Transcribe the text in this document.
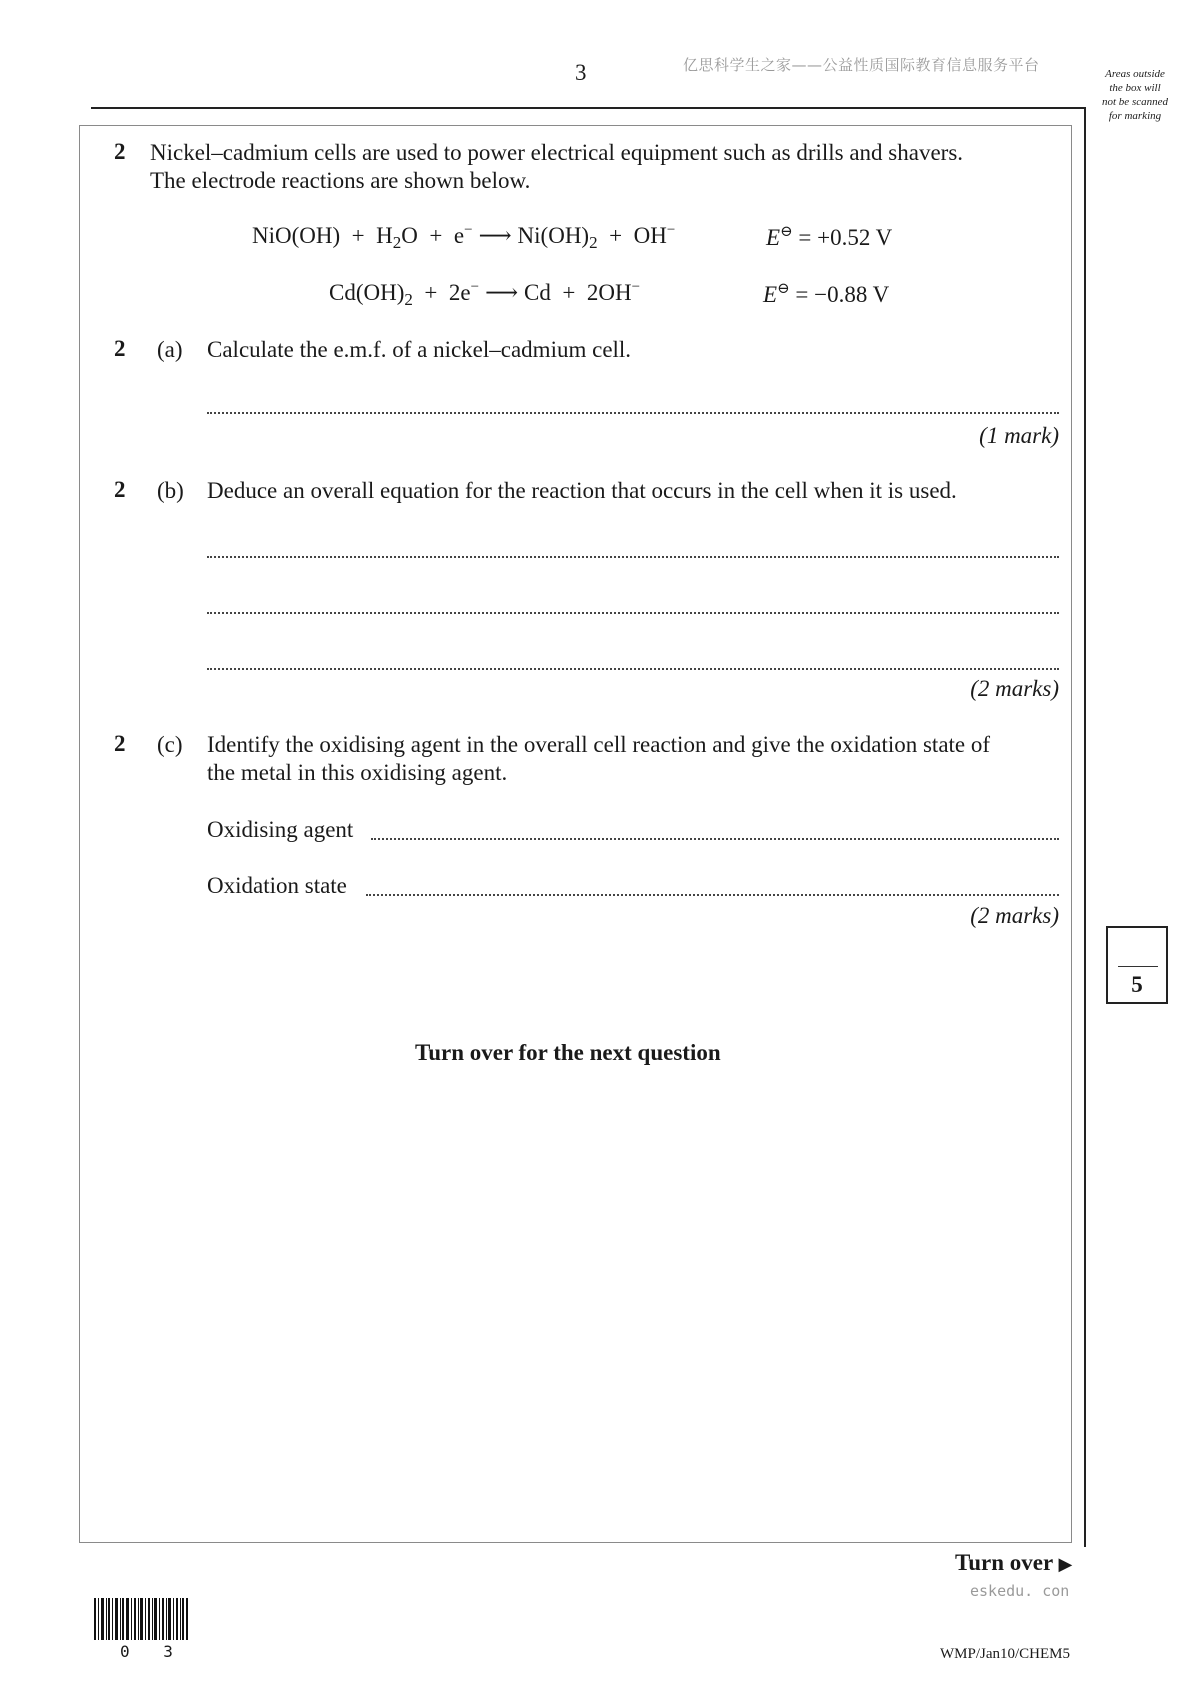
3	亿思科学生之家——公益性质国际教育信息服务平台	Areas outside
the box will
not be scanned
for marking
2 Nickel–cadmium cells are used to power electrical equipment such as drills and shavers.
The electrode reactions are shown below.
$NiO(OH) + H_2O + e^-$ ⟶ $Ni(OH)_2 + OH^-$	E⊖ = +0.52 V
$Cd(OH)_2 + 2e^-$ ⟶ Cd + 2OH−	E⊖ = −0.88 V
2 (a) Calculate the e.m.f. of a nickel–cadmium cell.
(1 mark)
2 (b) Deduce an overall equation for the reaction that occurs in the cell when it is used.
(2 marks)
2 (c) Identify the oxidising agent in the overall cell reaction and give the oxidation state of
the metal in this oxidising agent.
Oxidising agent
Oxidation state
(2 marks)
5
Turn over for the next question
Turn over ▶
eskedu. con
0 3	WMP/Jan10/CHEM5
